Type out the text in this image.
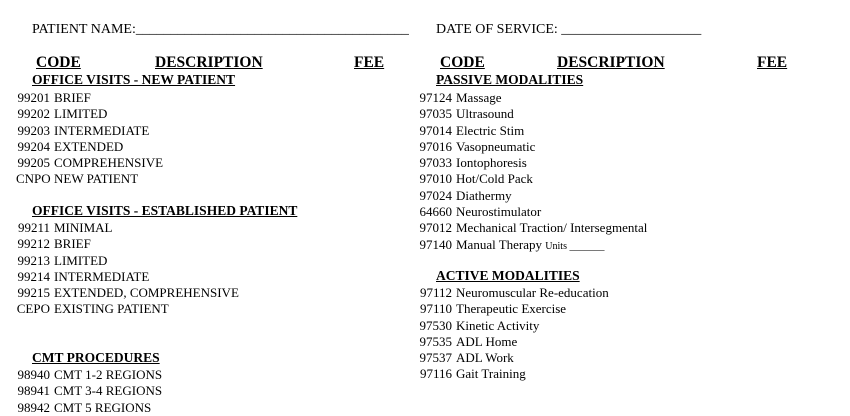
PATIENT NAME:_______________________________________ DATE OF SERVICE: ____________________
CODE	DESCRIPTION	FEE	CODE	DESCRIPTION	FEE
OFFICE VISITS - NEW PATIENT
99201 BRIEF
99202 LIMITED
99203 INTERMEDIATE
99204 EXTENDED
99205 COMPREHENSIVE
CNPO NEW PATIENT
OFFICE VISITS - ESTABLISHED PATIENT
99211 MINIMAL
99212 BRIEF
99213 LIMITED
99214 INTERMEDIATE
99215 EXTENDED, COMPREHENSIVE
CEPO EXISTING PATIENT
CMT PROCEDURES
98940 CMT 1-2 REGIONS
98941 CMT 3-4 REGIONS
98942 CMT 5 REGIONS
PASSIVE MODALITIES
97124 Massage
97035 Ultrasound
97014 Electric Stim
97016 Vasopneumatic
97033 Iontophoresis
97010 Hot/Cold Pack
97024 Diathermy
64660 Neurostimulator
97012 Mechanical Traction/ Intersegmental
97140 Manual Therapy Units _______
ACTIVE MODALITIES
97112 Neuromuscular Re-education
97110 Therapeutic Exercise
97530 Kinetic Activity
97535 ADL Home
97537 ADL Work
97116 Gait Training
